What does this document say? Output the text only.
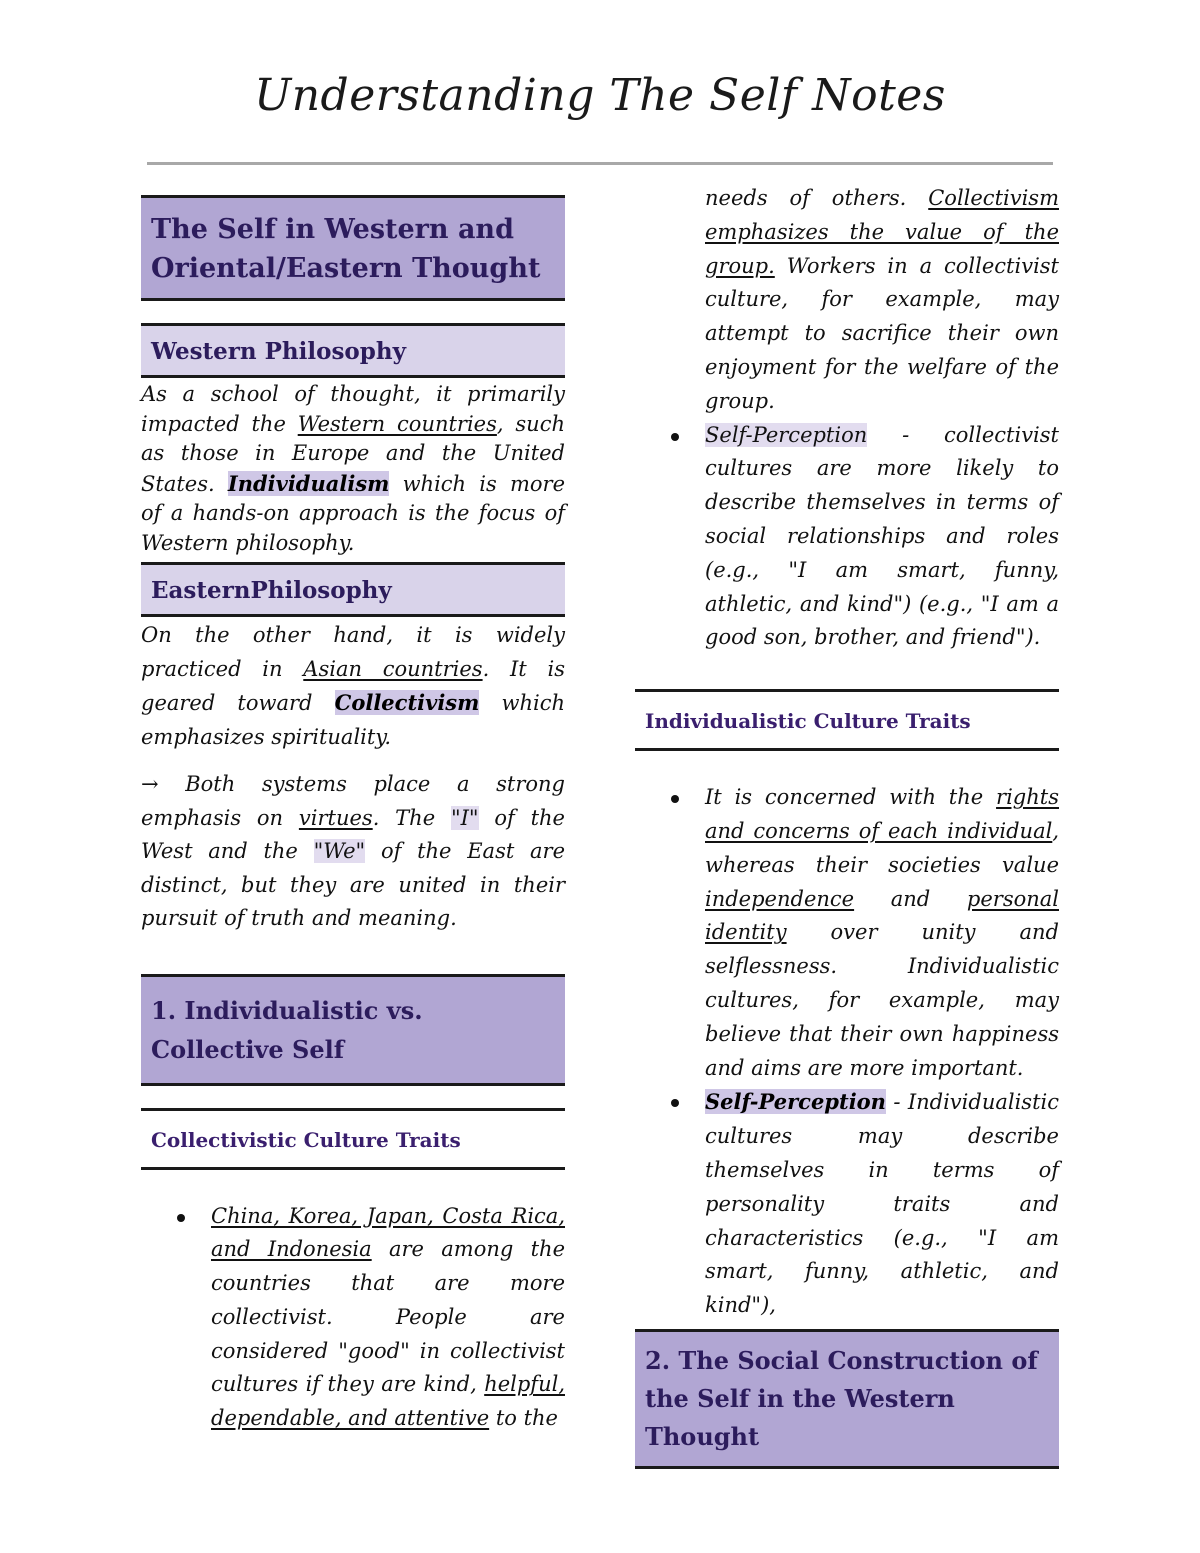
Understanding The Self Notes
The Self in Western and Oriental/Eastern Thought
Western Philosophy
As a school of thought, it primarily impacted the Western countries, such as those in Europe and the United States. Individualism which is more of a hands-on approach is the focus of Western philosophy.
EasternPhilosophy
On the other hand, it is widely practiced in Asian countries. It is geared toward Collectivism which emphasizes spirituality.
→ Both systems place a strong emphasis on virtues. The "I" of the West and the "We" of the East are distinct, but they are united in their pursuit of truth and meaning.
1. Individualistic vs. Collective Self
Collectivistic Culture Traits
China, Korea, Japan, Costa Rica, and Indonesia are among the countries that are more collectivist. People are considered "good" in collectivist cultures if they are kind, helpful, dependable, and attentive to the
needs of others. Collectivism emphasizes the value of the group. Workers in a collectivist culture, for example, may attempt to sacrifice their own enjoyment for the welfare of the group.
Self-Perception - collectivist cultures are more likely to describe themselves in terms of social relationships and roles (e.g., "I am smart, funny, athletic, and kind") (e.g., "I am a good son, brother, and friend").
Individualistic Culture Traits
It is concerned with the rights and concerns of each individual, whereas their societies value independence and personal identity over unity and selflessness. Individualistic cultures, for example, may believe that their own happiness and aims are more important.
Self-Perception - Individualistic cultures may describe themselves in terms of personality traits and characteristics (e.g., "I am smart, funny, athletic, and kind"),
2. The Social Construction of the Self in the Western Thought
